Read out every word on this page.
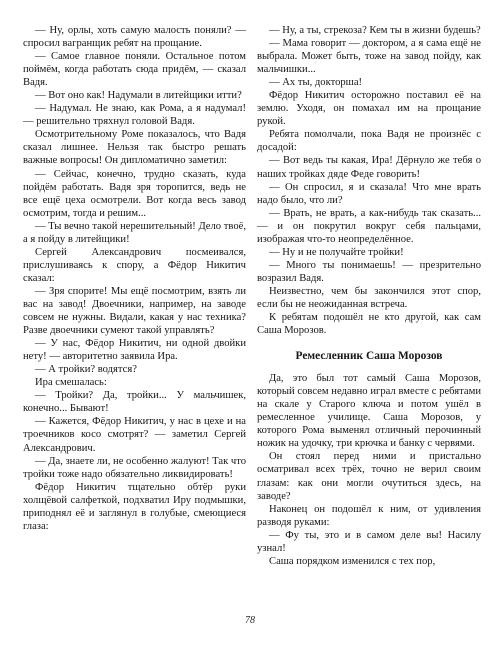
— Ну, орлы, хоть самую малость поняли? — спросил вагранщик ребят на прощание.

— Самое главное поняли. Остальное потом поймём, когда работать сюда придём, — сказал Вадя.

— Вот оно как! Надумали в литейщики итти?

— Надумал. Не знаю, как Рома, а я надумал! — решительно тряхнул головой Вадя.

Осмотрительному Роме показалось, что Вадя сказал лишнее. Нельзя так быстро решать важные вопросы! Он дипломатично заметил:

— Сейчас, конечно, трудно сказать, куда пойдём работать. Вадя зря торопится, ведь не все ещё цеха осмотрели. Вот когда весь завод осмотрим, тогда и решим...

— Ты вечно такой нерешительный! Дело твоё, а я пойду в литейщики!

Сергей Александрович посмеивался, прислушиваясь к спору, а Фёдор Никитич сказал:

— Зря спорите! Мы ещё посмотрим, взять ли вас на завод! Двоечники, например, на заводе совсем не нужны. Видали, какая у нас техника? Разве двоечники сумеют такой управлять?

— У нас, Фёдор Никитич, ни одной двойки нету! — авторитетно заявила Ира.

— А тройки? водятся?

Ира смешалась:

— Тройки? Да, тройки... У мальчишек, конечно... Бывают!

— Кажется, Фёдор Никитич, у нас в цехе и на троечников косо смотрят? — заметил Сергей Александрович.

— Да, знаете ли, не особенно жалуют! Так что тройки тоже надо обязательно ликвидировать!

Фёдор Никитич тщательно обтёр руки холщёвой салфеткой, подхватил Иру подмышки, приподнял её и заглянул в голубые, смеющиеся глаза:

— Ну, а ты, стрекоза? Кем ты в жизни будешь?

— Мама говорит — доктором, а я сама ещё не выбрала. Может быть, тоже на завод пойду, как мальчишки...

— Ах ты, докторша!

Фёдор Никитич осторожно поставил её на землю. Уходя, он помахал им на прощание рукой.

Ребята помолчали, пока Вадя не произнёс с досадой:

— Вот ведь ты какая, Ира! Дёрнуло же тебя о наших тройках дяде Феде говорить!

— Он спросил, я и сказала! Что мне врать надо было, что ли?

— Врать, не врать, а как-нибудь так сказать... — и он покрутил вокруг себя пальцами, изображая что-то неопределённое.

— Ну и не получайте тройки!

— Много ты понимаешь! — презрительно возразил Вадя.

Неизвестно, чем бы закончился этот спор, если бы не неожиданная встреча.

К ребятам подошёл не кто другой, как сам Саша Морозов.

Ремесленник Саша Морозов

Да, это был тот самый Саша Морозов, который совсем недавно играл вместе с ребятами на скале у Старого ключа и потом ушёл в ремесленное училище. Саша Морозов, у которого Рома выменял отличный перочинный ножик на удочку, три крючка и банку с червями.

Он стоял перед ними и пристально осматривал всех трёх, точно не верил своим глазам: как они могли очутиться здесь, на заводе?

Наконец он подошёл к ним, от удивления разводя руками:

— Фу ты, это и в самом деле вы! Насилу узнал!

Саша порядком изменился с тех пор,

78
